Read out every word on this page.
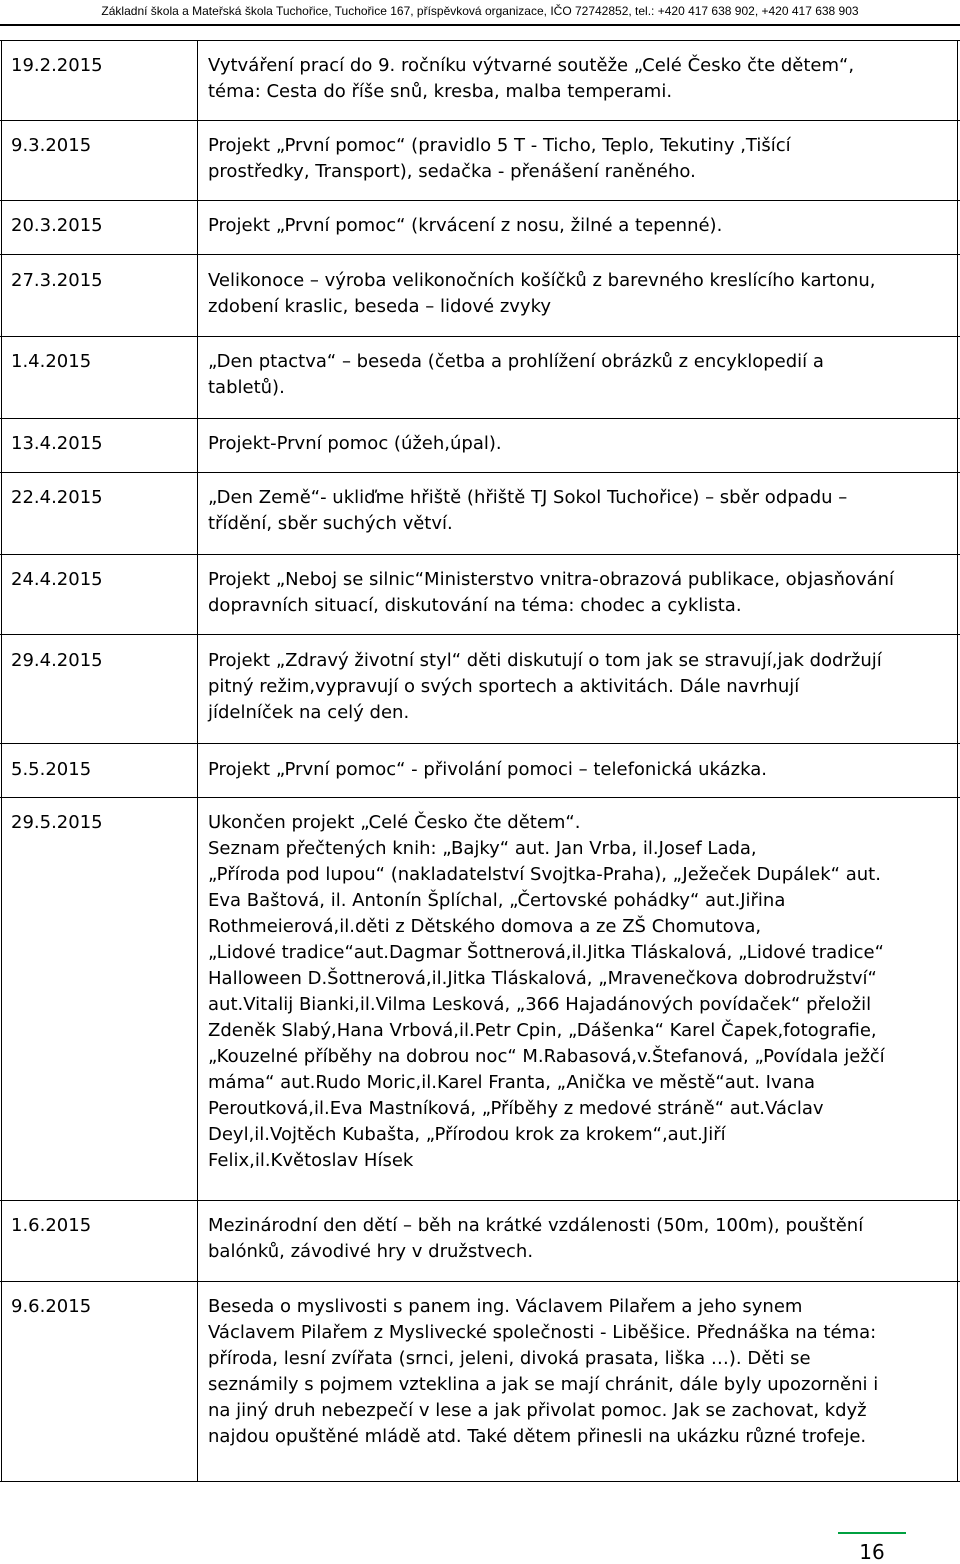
Základní škola a Mateřská škola Tuchořice, Tuchořice 167, příspěvková organizace, IČO 72742852, tel.: +420 417 638 902, +420 417 638 903
19.2.2015	Vytváření prací do 9. ročníku výtvarné soutěže „Celé Česko čte dětem“,
téma: Cesta do říše snů, kresba, malba temperami.
9.3.2015	Projekt „První pomoc“ (pravidlo 5 T - Ticho, Teplo, Tekutiny ,Tišící
prostředky, Transport), sedačka - přenášení raněného.
20.3.2015	Projekt „První pomoc“ (krvácení z nosu, žilné a tepenné).
27.3.2015	Velikonoce – výroba velikonočních košíčků z barevného kreslícího kartonu,
zdobení kraslic, beseda – lidové zvyky
1.4.2015	„Den ptactva“ – beseda (četba a prohlížení obrázků z encyklopedií a
tabletů).
13.4.2015	Projekt-První pomoc (úžeh,úpal).
22.4.2015	„Den Země“- ukliďme hřiště (hřiště TJ Sokol Tuchořice) – sběr odpadu –
třídění, sběr suchých větví.
24.4.2015	Projekt „Neboj se silnic“Ministerstvo vnitra-obrazová publikace, objasňování
dopravních situací, diskutování na téma: chodec a cyklista.
29.4.2015	Projekt „Zdravý životní styl“ děti diskutují o tom jak se stravují,jak dodržují
pitný režim,vypravují o svých sportech a aktivitách. Dále navrhují
jídelníček na celý den.
5.5.2015	Projekt „První pomoc“ - přivolání pomoci – telefonická ukázka.
29.5.2015	Ukončen projekt „Celé Česko čte dětem“.
Seznam přečtených knih: „Bajky“ aut. Jan Vrba, il.Josef Lada,
„Příroda pod lupou“ (nakladatelství Svojtka-Praha), „Ježeček Dupálek“ aut.
Eva Baštová, il. Antonín Šplíchal, „Čertovské pohádky“ aut.Jiřina
Rothmeierová,il.děti z Dětského domova a ze ZŠ Chomutova,
„Lidové tradice“aut.Dagmar Šottnerová,il.Jitka Tláskalová, „Lidové tradice“
Halloween D.Šottnerová,il.Jitka Tláskalová, „Mravenečkova dobrodružství“
aut.Vitalij Bianki,il.Vilma Lesková, „366 Hajadánových povídaček“ přeložil
Zdeněk Slabý,Hana Vrbová,il.Petr Cpin, „Dášenka“ Karel Čapek,fotografie,
„Kouzelné příběhy na dobrou noc“ M.Rabasová,v.Štefanová, „Povídala ježčí
máma“ aut.Rudo Moric,il.Karel Franta, „Anička ve městě“aut. Ivana
Peroutková,il.Eva Mastníková, „Příběhy z medové stráně“ aut.Václav
Deyl,il.Vojtěch Kubašta, „Přírodou krok za krokem“,aut.Jiří
Felix,il.Květoslav Hísek
1.6.2015	Mezinárodní den dětí – běh na krátké vzdálenosti (50m, 100m), pouštění
balónků, závodivé hry v družstvech.
9.6.2015	Beseda o myslivosti s panem ing. Václavem Pilařem a jeho synem
Václavem Pilařem z Myslivecké společnosti - Liběšice. Přednáška na téma:
příroda, lesní zvířata (srnci, jeleni, divoká prasata, liška …). Děti se
seznámily s pojmem vzteklina a jak se mají chránit, dále byly upozorněni i
na jiný druh nebezpečí v lese a jak přivolat pomoc. Jak se zachovat, když
najdou opuštěné mládě atd. Také dětem přinesli na ukázku různé trofeje.
16
